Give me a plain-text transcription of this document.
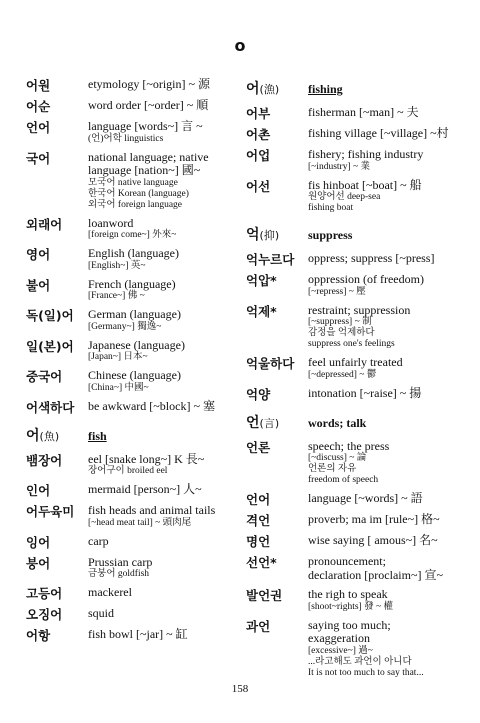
o
어원	etymology [~origin] ~ 源
어순	word order [~order] ~ 順
언어	language [words~] 言 ~
(언)어학 linguistics
국어	national language; native language [nation~] 國~
모국어 native language
한국어 Korean (language)
외국어 foreign language
외래어	loanword
[foreign come~] 外來~
영어	English (language)
[English~] 英~
불어	French (language)
[France~] 佛 ~
독(일)어	German (language)
[Germany~] 獨逸~
일(본)어	Japanese (language)
[Japan~] 日本~
중국어	Chinese (language)
[China~] 中國~
어색하다	be awkward [~block] ~ 塞
어(魚)	fish
뱀장어	eel [snake long~] K 長~
장어구이 broiled eel
인어	mermaid [person~] 人~
어두육미	fish heads and animal tails
[~head meat tail] ~ 頭肉尾
잉어	carp
붕어	Prussian carp
금붕어 goldfish
고등어	mackerel
오징어	squid
어항	fish bowl [~jar] ~ 缸
어(漁)	fishing
어부	fisherman [~man] ~ 夫
어촌	fishing village [~village] ~村
어업	fishery; fishing industry
[~industry] ~ 業
어선	fis hinboat [~boat] ~ 船
원양어선 deep-sea
fishing boat
억(抑)	suppress
억누르다	oppress; suppress [~press]
억압*	oppression (of freedom)
[~repress] ~ 壓
억제*	restraint; suppression
[~suppress] ~ 制
감정을 억제하다
suppress one's feelings
억울하다	feel unfairly treated
[~depressed] ~ 鬱
억양	intonation [~raise] ~ 揚
언(言)	words; talk
언론	speech; the press
[~discuss] ~ 論
언론의 자유
freedom of speech
언어	language [~words] ~ 語
격언	proverb; ma im [rule~] 格~
명언	wise saying [ amous~] 名~
선언*	pronouncement;
declaration [proclaim~] 宣~
발언권	the righ to speak
[shoot~rights] 發 ~ 權
과언	saying too much;
exaggeration
[excessive~] 過~
...라고해도 과언이 아니다
It is not too much to say that...
158
